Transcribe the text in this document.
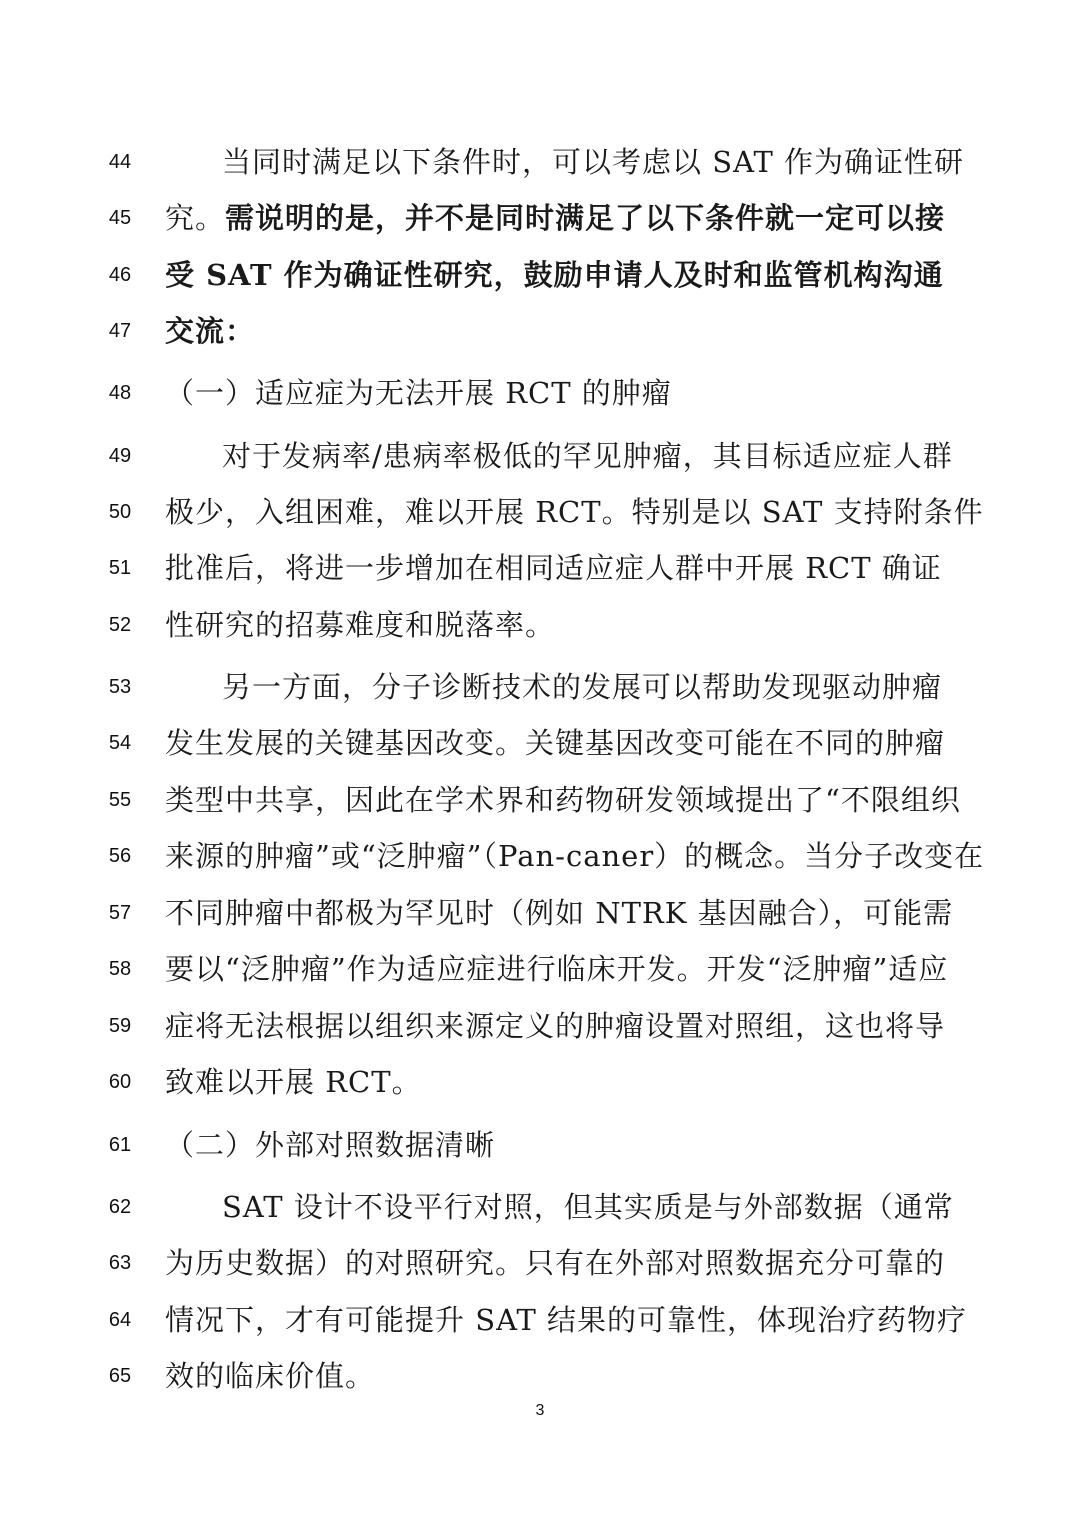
44
45
46
47
48
49
50
51
52
53
54
55
56
57
58
59
60
61
62
63
64
65
当同时满足以下条件时，可以考虑以 SAT 作为确证性研
究。需说明的是，并不是同时满足了以下条件就一定可以接
受 SAT 作为确证性研究，鼓励申请人及时和监管机构沟通
交流：
（一）适应症为无法开展 RCT 的肿瘤
对于发病率/患病率极低的罕见肿瘤，其目标适应症人群
极少，入组困难，难以开展 RCT。特别是以 SAT 支持附条件
批准后，将进一步增加在相同适应症人群中开展 RCT 确证
性研究的招募难度和脱落率。
另一方面，分子诊断技术的发展可以帮助发现驱动肿瘤
发生发展的关键基因改变。关键基因改变可能在不同的肿瘤
类型中共享，因此在学术界和药物研发领域提出了“不限组织
来源的肿瘤”或“泛肿瘤”（Pan-caner）的概念。当分子改变在
不同肿瘤中都极为罕见时（例如 NTRK 基因融合），可能需
要以“泛肿瘤”作为适应症进行临床开发。开发“泛肿瘤”适应
症将无法根据以组织来源定义的肿瘤设置对照组，这也将导
致难以开展 RCT。
（二）外部对照数据清晰
SAT 设计不设平行对照，但其实质是与外部数据（通常
为历史数据）的对照研究。只有在外部对照数据充分可靠的
情况下，才有可能提升 SAT 结果的可靠性，体现治疗药物疗
效的临床价值。
3
